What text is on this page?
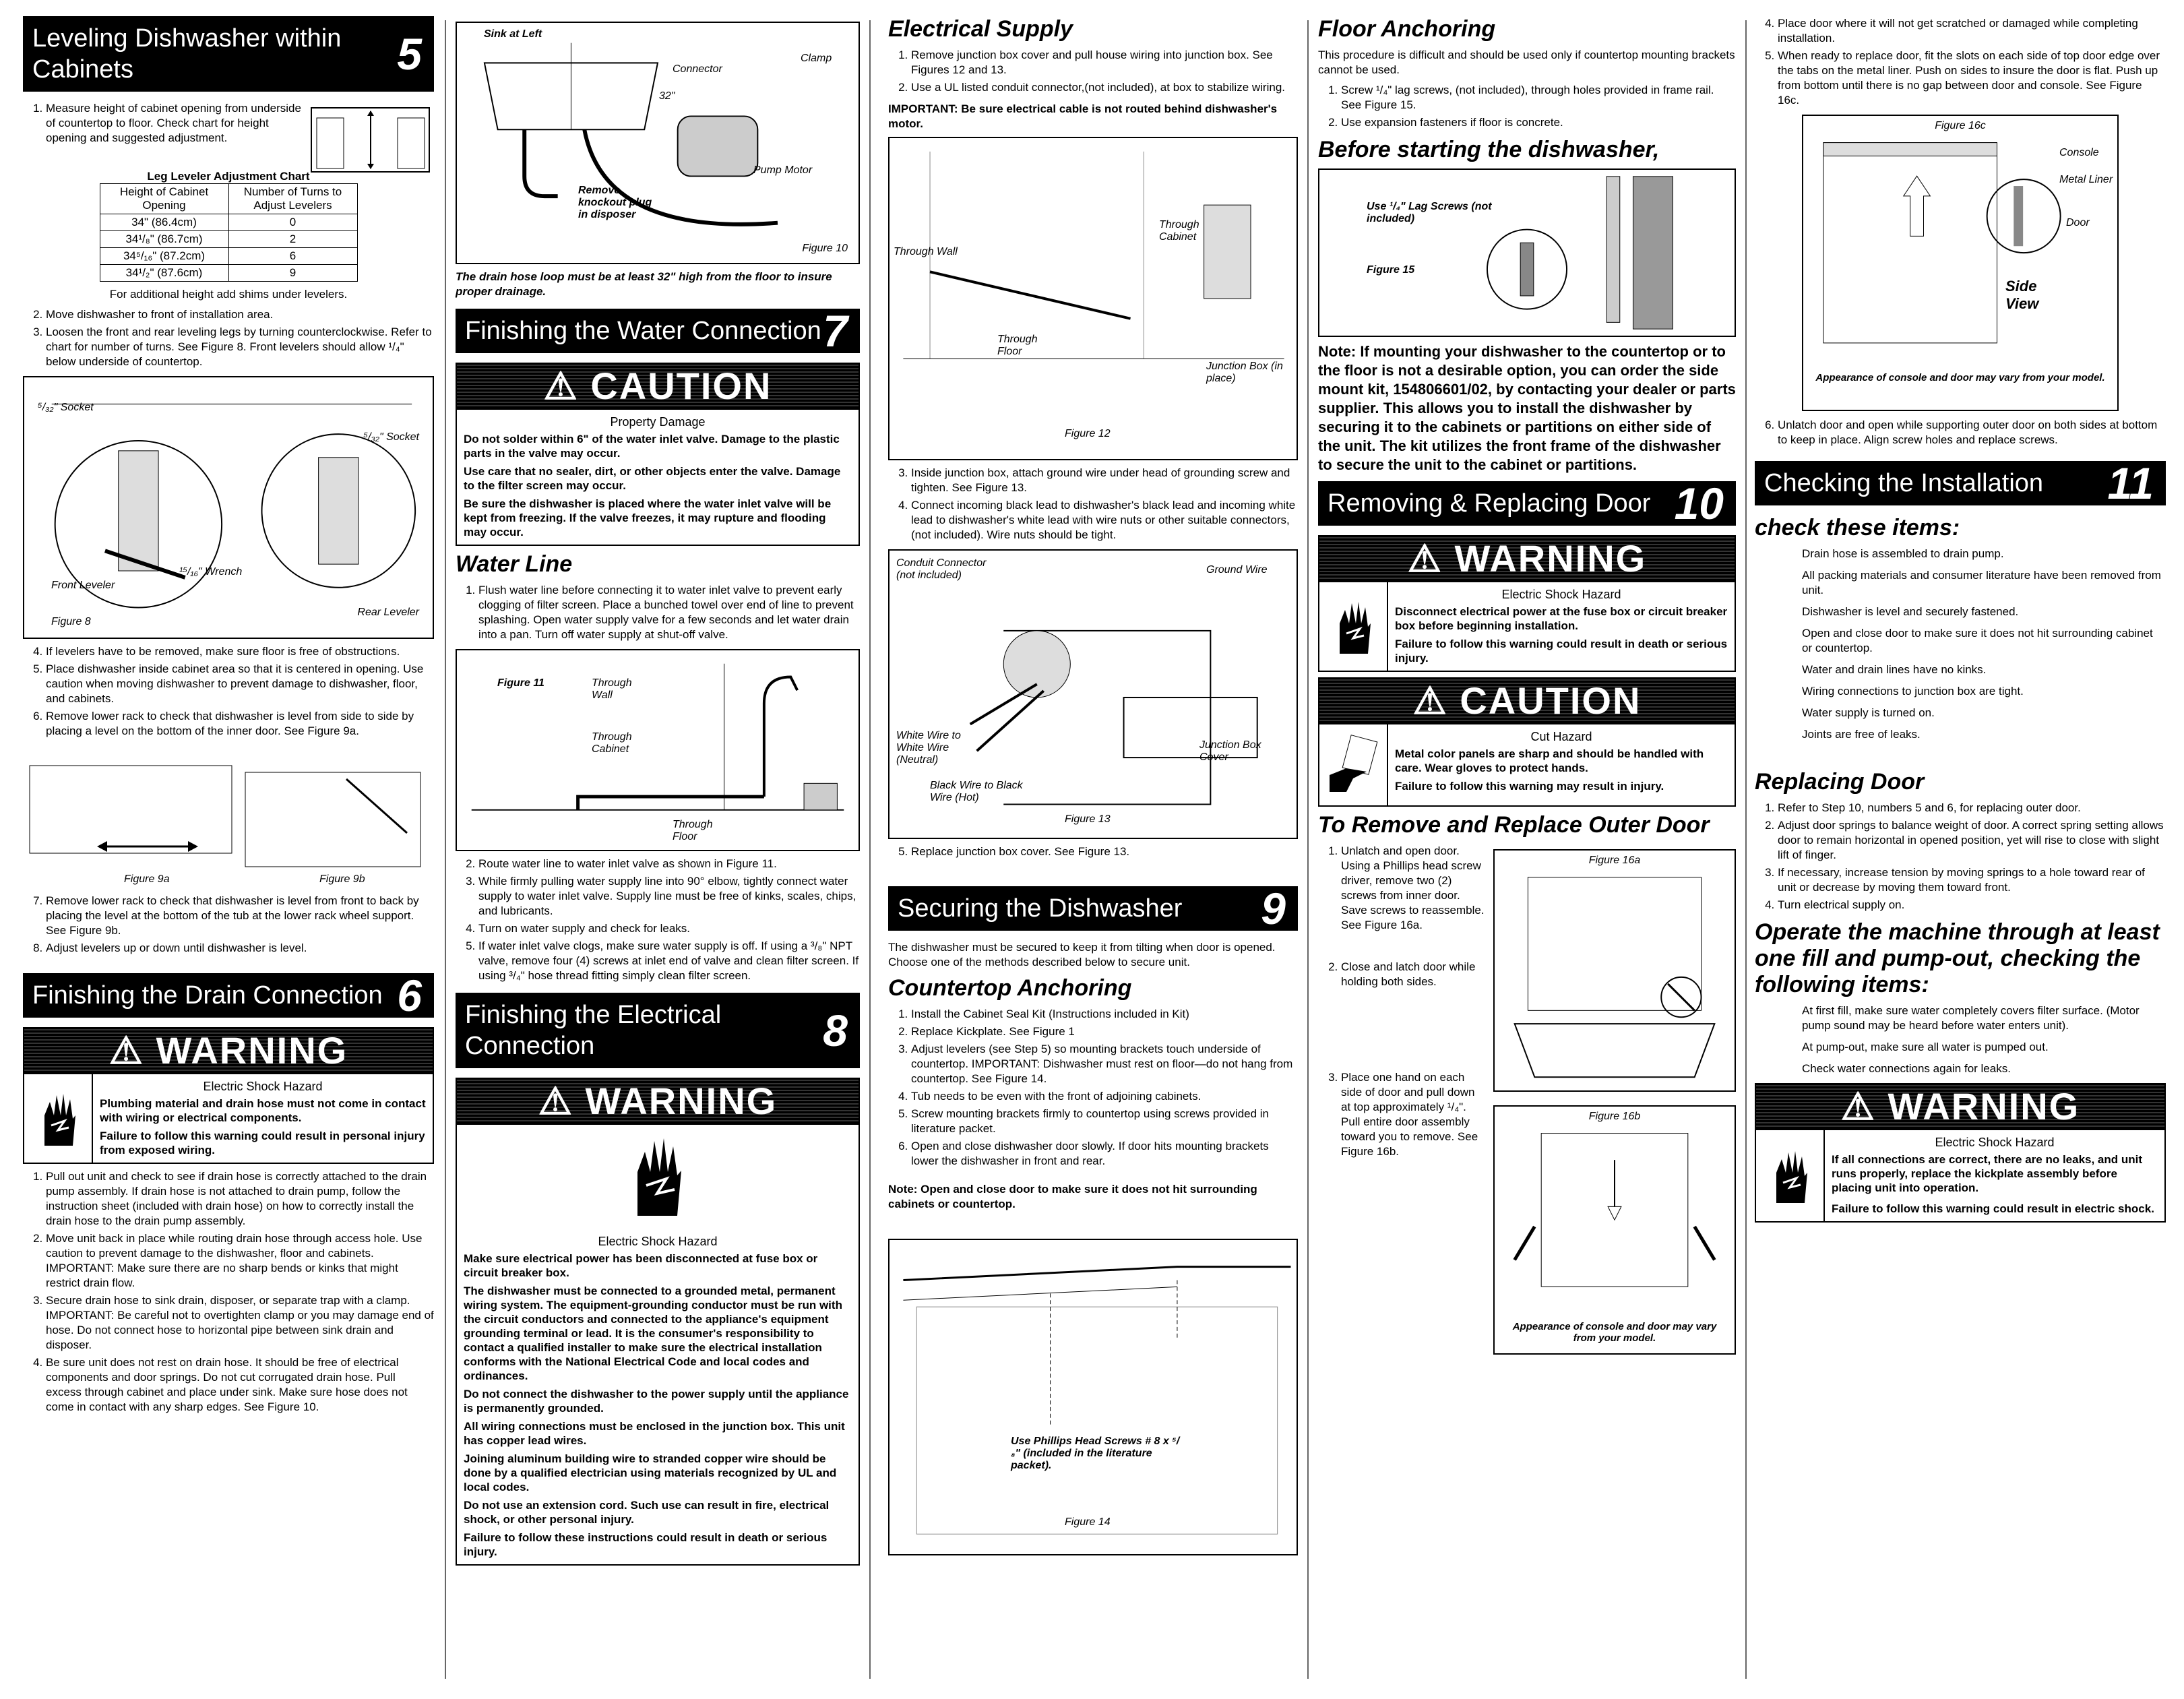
Leveling Dishwasher within Cabinets	5
1. Measure height of cabinet opening from underside of countertop to floor. Check chart for height opening and suggested adjustment.
Leg Leveler Adjustment Chart
Height of Cabinet Opening	Number of Turns to Adjust Levelers
34" (86.4cm)	0
34¹/₈" (86.7cm)	2
34⁵/₁₆" (87.2cm)	6
34¹/₂" (87.6cm)	9

For additional height add shims under levelers.

2. Move dishwasher to front of installation area.
3. Loosen the front and rear leveling legs by turning counterclockwise. Refer to chart for number of turns. See Figure 8. Front levelers should allow ¹/₄" below underside of countertop.
⁵/₃₂" Socket
⁵/₃₂" Socket
¹⁵/₁₆" Wrench
Front Leveler
Rear Leveler
Figure 8
4. If levelers have to be removed, make sure floor is free of obstructions.
5. Place dishwasher inside cabinet area so that it is centered in opening. Use caution when moving dishwasher to prevent damage to dishwasher, floor, and cabinets.
6. Remove lower rack to check that dishwasher is level from side to side by placing a level on the bottom of the inner door. See Figure 9a.
Figure 9a	Figure 9b
7. Remove lower rack to check that dishwasher is level from front to back by placing the level at the bottom of the tub at the lower rack wheel support. See Figure 9b.
8. Adjust levelers up or down until dishwasher is level.
Finishing the Drain Connection 6
⚠ WARNING
Electric Shock Hazard
Plumbing material and drain hose must not come in contact with wiring or electrical components.
Failure to follow this warning could result in personal injury from exposed wiring.
1. Pull out unit and check to see if drain hose is correctly attached to the drain pump assembly. If drain hose is not attached to drain pump, follow the instruction sheet (included with drain hose) on how to correctly install the drain hose to the drain pump assembly.
2. Move unit back in place while routing drain hose through access hole. Use caution to prevent damage to the dishwasher, floor and cabinets. IMPORTANT: Make sure there are no sharp bends or kinks that might restrict drain flow.
3. Secure drain hose to sink drain, disposer, or separate trap with a clamp. IMPORTANT: Be careful not to overtighten clamp or you may damage end of hose. Do not connect hose to horizontal pipe between sink drain and disposer.
4. Be sure unit does not rest on drain hose. It should be free of electrical components and door springs. Do not cut corrugated drain hose. Pull excess through cabinet and place under sink. Make sure hose does not come in contact with any sharp edges. See Figure 10.
Sink at Left
Connector
Clamp
32"
Remove knockout plug in disposer
Pump Motor
Figure 10

The drain hose loop must be at least 32" high from the floor to insure proper drainage.

Finishing the Water Connection 7
⚠ CAUTION
Property Damage
Do not solder within 6" of the water inlet valve. Damage to the plastic parts in the valve may occur.
Use care that no sealer, dirt, or other objects enter the valve. Damage to the filter screen may occur.
Be sure the dishwasher is placed where the water inlet valve will be kept from freezing. If the valve freezes, it may rupture and flooding may occur.
Water Line
1. Flush water line before connecting it to water inlet valve to prevent early clogging of filter screen. Place a bunched towel over end of line to prevent splashing. Open water supply valve for a few seconds and let water drain into a pan. Turn off water supply at shut-off valve.
Figure 11	Through Wall
Through Cabinet
Through Floor
2. Route water line to water inlet valve as shown in Figure 11.
3. While firmly pulling water supply line into 90° elbow, tightly connect water supply to water inlet valve. Supply line must be free of kinks, scales, chips, and lubricants.
4. Turn on water supply and check for leaks.
5. If water inlet valve clogs, make sure water supply is off. If using a ³/₈" NPT valve, remove four (4) screws at inlet end of valve and clean filter screen. If using ³/₄" hose thread fitting simply clean filter screen.
Finishing the Electrical Connection	8
⚠ WARNING
Electric Shock Hazard
Make sure electrical power has been disconnected at fuse box or circuit breaker box.
The dishwasher must be connected to a grounded metal, permanent wiring system. The equipment-grounding conductor must be run with the circuit conductors and connected to the appliance's equipment grounding terminal or lead. It is the consumer's responsibility to contact a qualified installer to make sure the electrical installation conforms with the National Electrical Code and local codes and ordinances.
Do not connect the dishwasher to the power supply until the appliance is permanently grounded.
All wiring connections must be enclosed in the junction box. This unit has copper lead wires.
Joining aluminum building wire to stranded copper wire should be done by a qualified electrician using materials recognized by UL and local codes.
Do not use an extension cord. Such use can result in fire, electrical shock, or other personal injury.
Failure to follow these instructions could result in death or serious injury.
Electrical Supply
1. Remove junction box cover and pull house wiring into junction box. See Figures 12 and 13.
2. Use a UL listed conduit connector,(not included), at box to stabilize wiring.

IMPORTANT: Be sure electrical cable is not routed behind dishwasher's motor.

Through Wall
Through Cabinet
Through Floor
Junction Box (in place)
Figure 12
3. Inside junction box, attach ground wire under head of grounding screw and tighten. See Figure 13.
4. Connect incoming black lead to dishwasher's black lead and incoming white lead to dishwasher's white lead with wire nuts or other suitable connectors,(not included). Wire nuts should be tight.
Conduit Connector (not included)	Ground Wire
White Wire to White Wire (Neutral)
Black Wire to Black Wire (Hot)
Junction Box Cover
Figure 13
5. Replace junction box cover. See Figure 13.
Securing the Dishwasher 9

The dishwasher must be secured to keep it from tilting when door is opened. Choose one of the methods described below to secure unit.

Countertop Anchoring
1. Install the Cabinet Seal Kit (Instructions included in Kit)
2. Replace Kickplate. See Figure 1
3. Adjust levelers (see Step 5) so mounting brackets touch underside of countertop. IMPORTANT: Dishwasher must rest on floor—do not hang from countertop. See Figure 14.
4. Tub needs to be even with the front of adjoining cabinets.
5. Screw mounting brackets firmly to countertop using screws provided in literature packet.
6. Open and close dishwasher door slowly. If door hits mounting brackets lower the dishwasher in front and rear.

Note: Open and close door to make sure it does not hit surrounding cabinets or countertop.

Use Phillips Head Screws # 8 x ⁵/₈" (included in the literature packet).
Figure 14
Floor Anchoring

This procedure is difficult and should be used only if countertop mounting brackets cannot be used.

1. Screw ¹/₄" lag screws, (not included), through holes provided in frame rail. See Figure 15.
2. Use expansion fasteners if floor is concrete.
Before starting the dishwasher,
Use ¹/₄" Lag Screws (not included)
Figure 15

Note: If mounting your dishwasher to the countertop or to the floor is not a desirable option, you can order the side mount kit, 154806601/02, by contacting your dealer or parts supplier. This allows you to install the dishwasher by securing it to the cabinets or partitions on either side of the unit. The kit utilizes the front frame of the dishwasher to secure the unit to the cabinet or partitions.

Removing & Replacing Door 10
⚠ WARNING
Electric Shock Hazard
Disconnect electrical power at the fuse box or circuit breaker box before beginning installation.
Failure to follow this warning could result in death or serious injury.
⚠ CAUTION
Cut Hazard
Metal color panels are sharp and should be handled with care. Wear gloves to protect hands.
Failure to follow this warning may result in injury.
To Remove and Replace Outer Door
1. Unlatch and open door. Using a Phillips head screw driver, remove two (2) screws from inner door. Save screws to reassemble. See Figure 16a.
2. Close and latch door while holding both sides.
3. Place one hand on each side of door and pull down at top approximately ¹/₄". Pull entire door assembly toward you to remove. See Figure 16b.
Figure 16a
Figure 16b
Appearance of console and door may vary from your model.
4. Place door where it will not get scratched or damaged while completing installation.
5. When ready to replace door, fit the slots on each side of top door edge over the tabs on the metal liner. Push on sides to insure the door is flat. Push up from bottom until there is no gap between door and console. See Figure 16c.
Figure 16c
Console
Metal Liner
Door
Side View
Appearance of console and door may vary from your model.
6. Unlatch door and open while supporting outer door on both sides at bottom to keep in place. Align screw holes and replace screws.
Checking the Installation 11
check these items:
Drain hose is assembled to drain pump.
All packing materials and consumer literature have been removed from unit.
Dishwasher is level and securely fastened.
Open and close door to make sure it does not hit surrounding cabinet or countertop.
Water and drain lines have no kinks.
Wiring connections to junction box are tight.
Water supply is turned on.
Joints are free of leaks.
Replacing Door
1. Refer to Step 10, numbers 5 and 6, for replacing outer door.
2. Adjust door springs to balance weight of door. A correct spring setting allows door to remain horizontal in opened position, yet will rise to close with slight lift of finger.
3. If necessary, increase tension by moving springs to a hole toward rear of unit or decrease by moving them toward front.
4. Turn electrical supply on.
Operate the machine through at least one fill and pump-out, checking the following items:
At first fill, make sure water completely covers filter surface. (Motor pump sound may be heard before water enters unit).
At pump-out, make sure all water is pumped out.
Check water connections again for leaks.
⚠ WARNING
Electric Shock Hazard
If all connections are correct, there are no leaks, and unit runs properly, replace the kickplate assembly before placing unit into operation.
Failure to follow this warning could result in electric shock.
